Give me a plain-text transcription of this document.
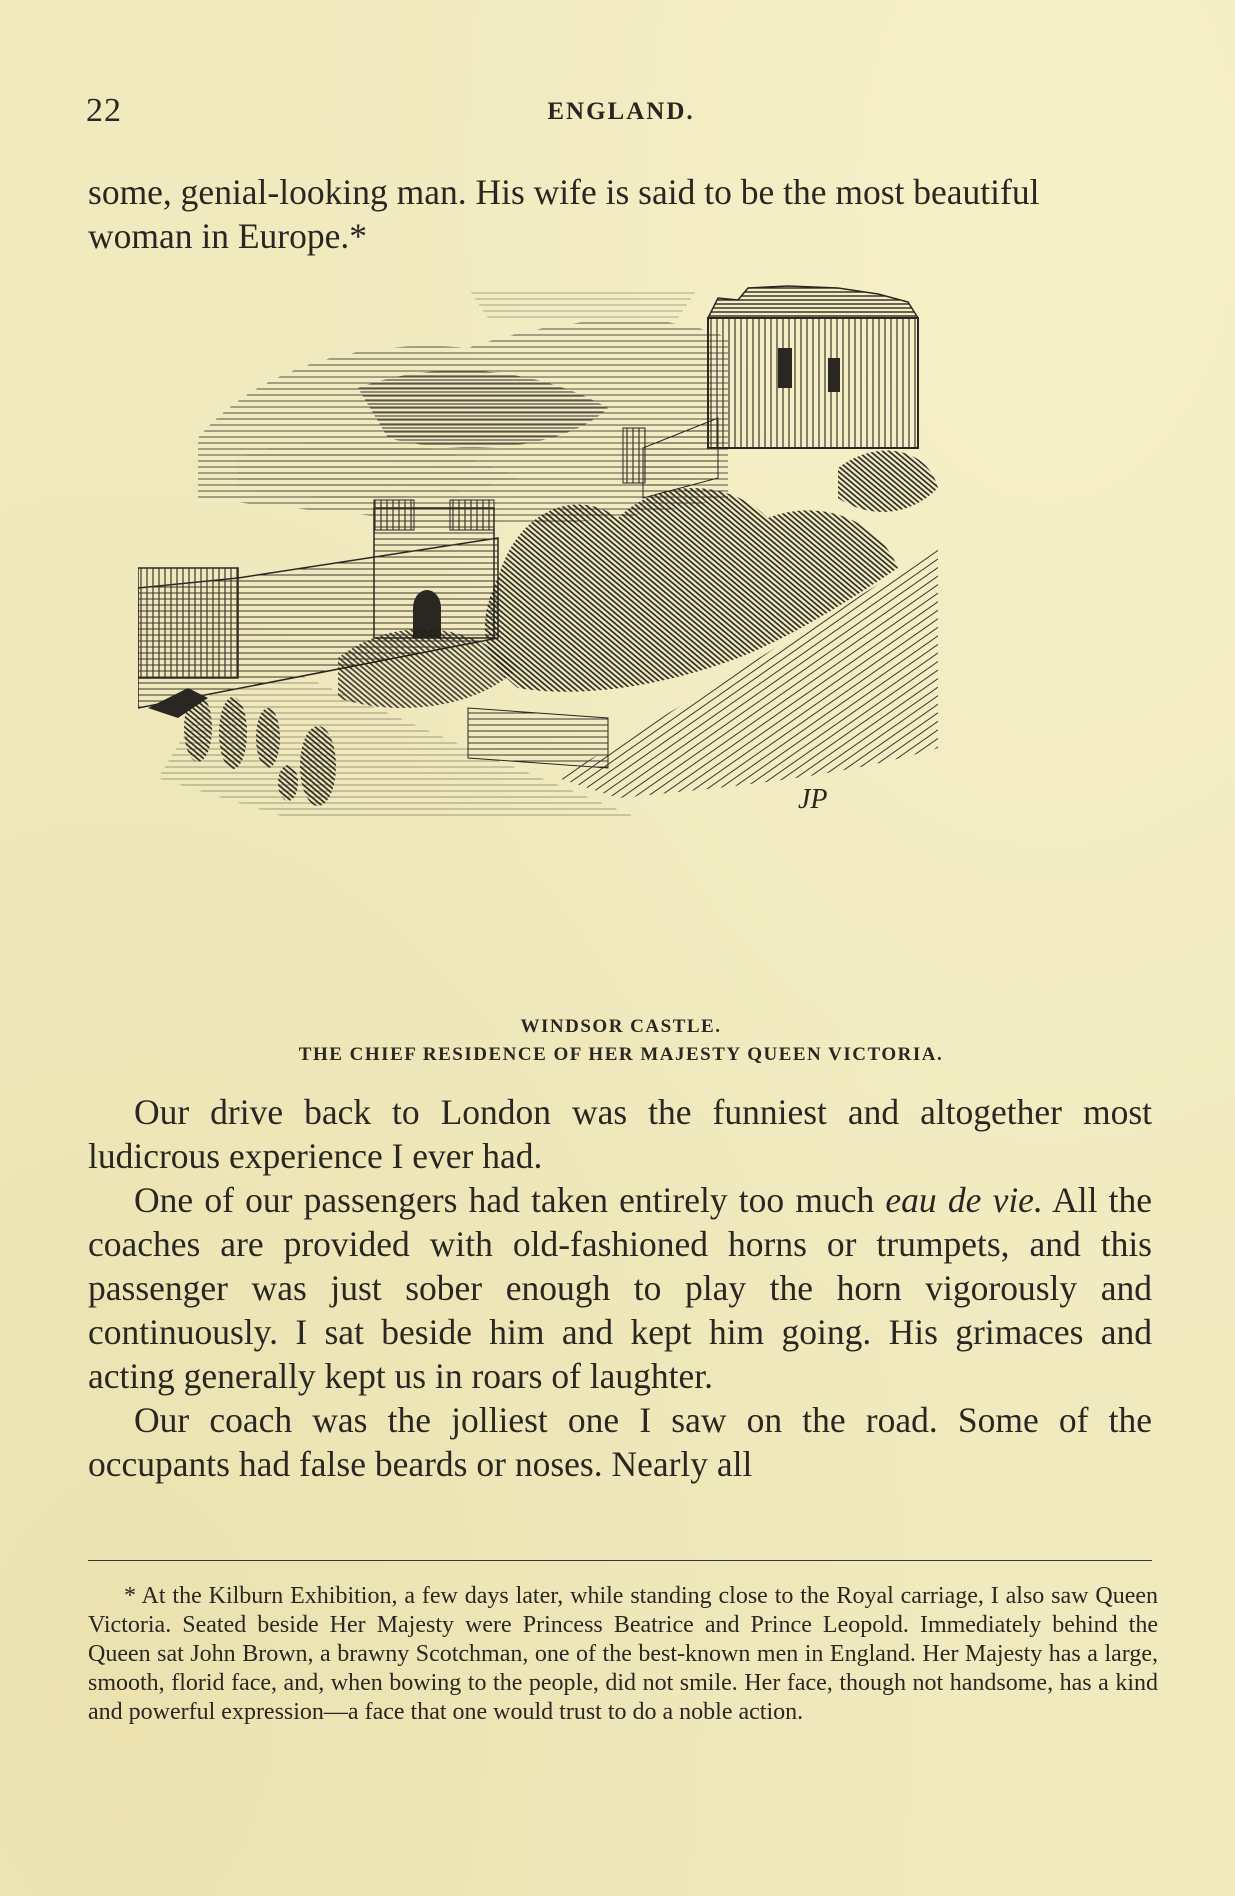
22	ENGLAND.

some, genial-looking man. His wife is said to be the most beautiful woman in Europe.*

JP
WINDSOR CASTLE.
THE CHIEF RESIDENCE OF HER MAJESTY QUEEN VICTORIA.

Our drive back to London was the funniest and altogether most ludicrous experience I ever had.

One of our passengers had taken entirely too much eau de vie. All the coaches are provided with old-fashioned horns or trumpets, and this passenger was just sober enough to play the horn vigorously and continuously. I sat beside him and kept him going. His grimaces and acting generally kept us in roars of laughter.

Our coach was the jolliest one I saw on the road. Some of the occupants had false beards or noses. Nearly all

* At the Kilburn Exhibition, a few days later, while standing close to the Royal carriage, I also saw Queen Victoria. Seated beside Her Majesty were Princess Beatrice and Prince Leopold. Immediately behind the Queen sat John Brown, a brawny Scotchman, one of the best-known men in England. Her Majesty has a large, smooth, florid face, and, when bowing to the people, did not smile. Her face, though not handsome, has a kind and powerful expression—a face that one would trust to do a noble action.
